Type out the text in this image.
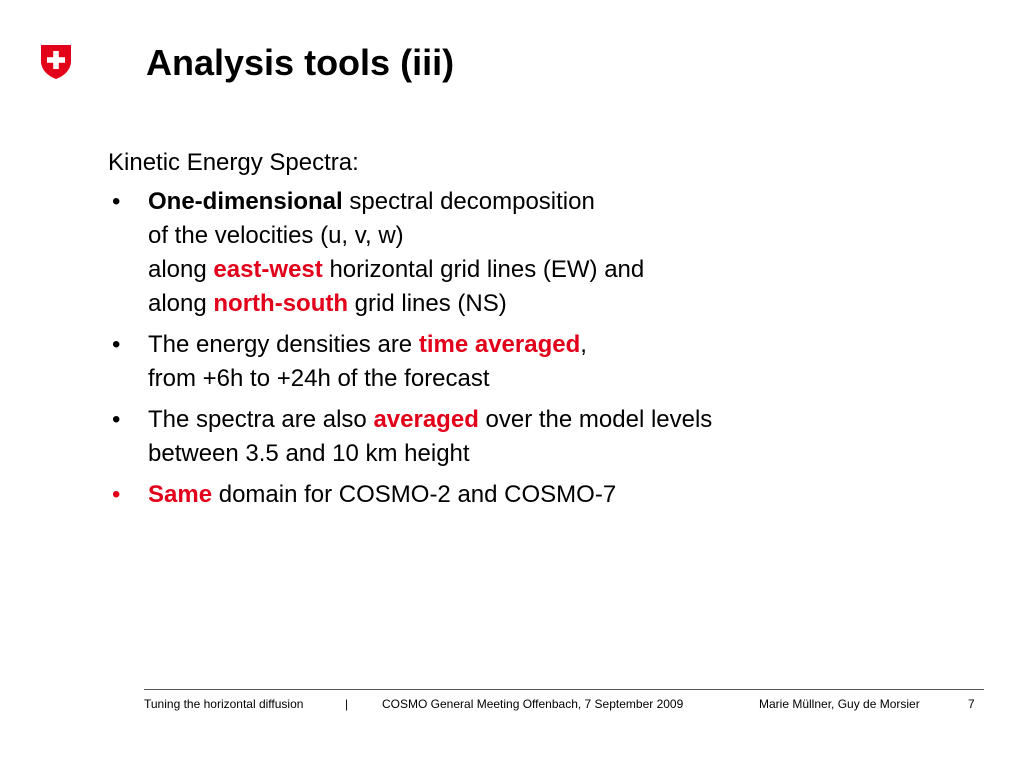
Analysis tools (iii)
Kinetic Energy Spectra:
• One-dimensional spectral decomposition
of the velocities (u, v, w)
along east-west horizontal grid lines (EW) and
along north-south grid lines (NS)
• The energy densities are time averaged,
from +6h to +24h of the forecast
• The spectra are also averaged over the model levels
between 3.5 and 10 km height
• Same domain for COSMO-2 and COSMO-7
Tuning the horizontal diffusion	|	COSMO General Meeting Offenbach, 7 September 2009	Marie Müllner, Guy de Morsier	7
